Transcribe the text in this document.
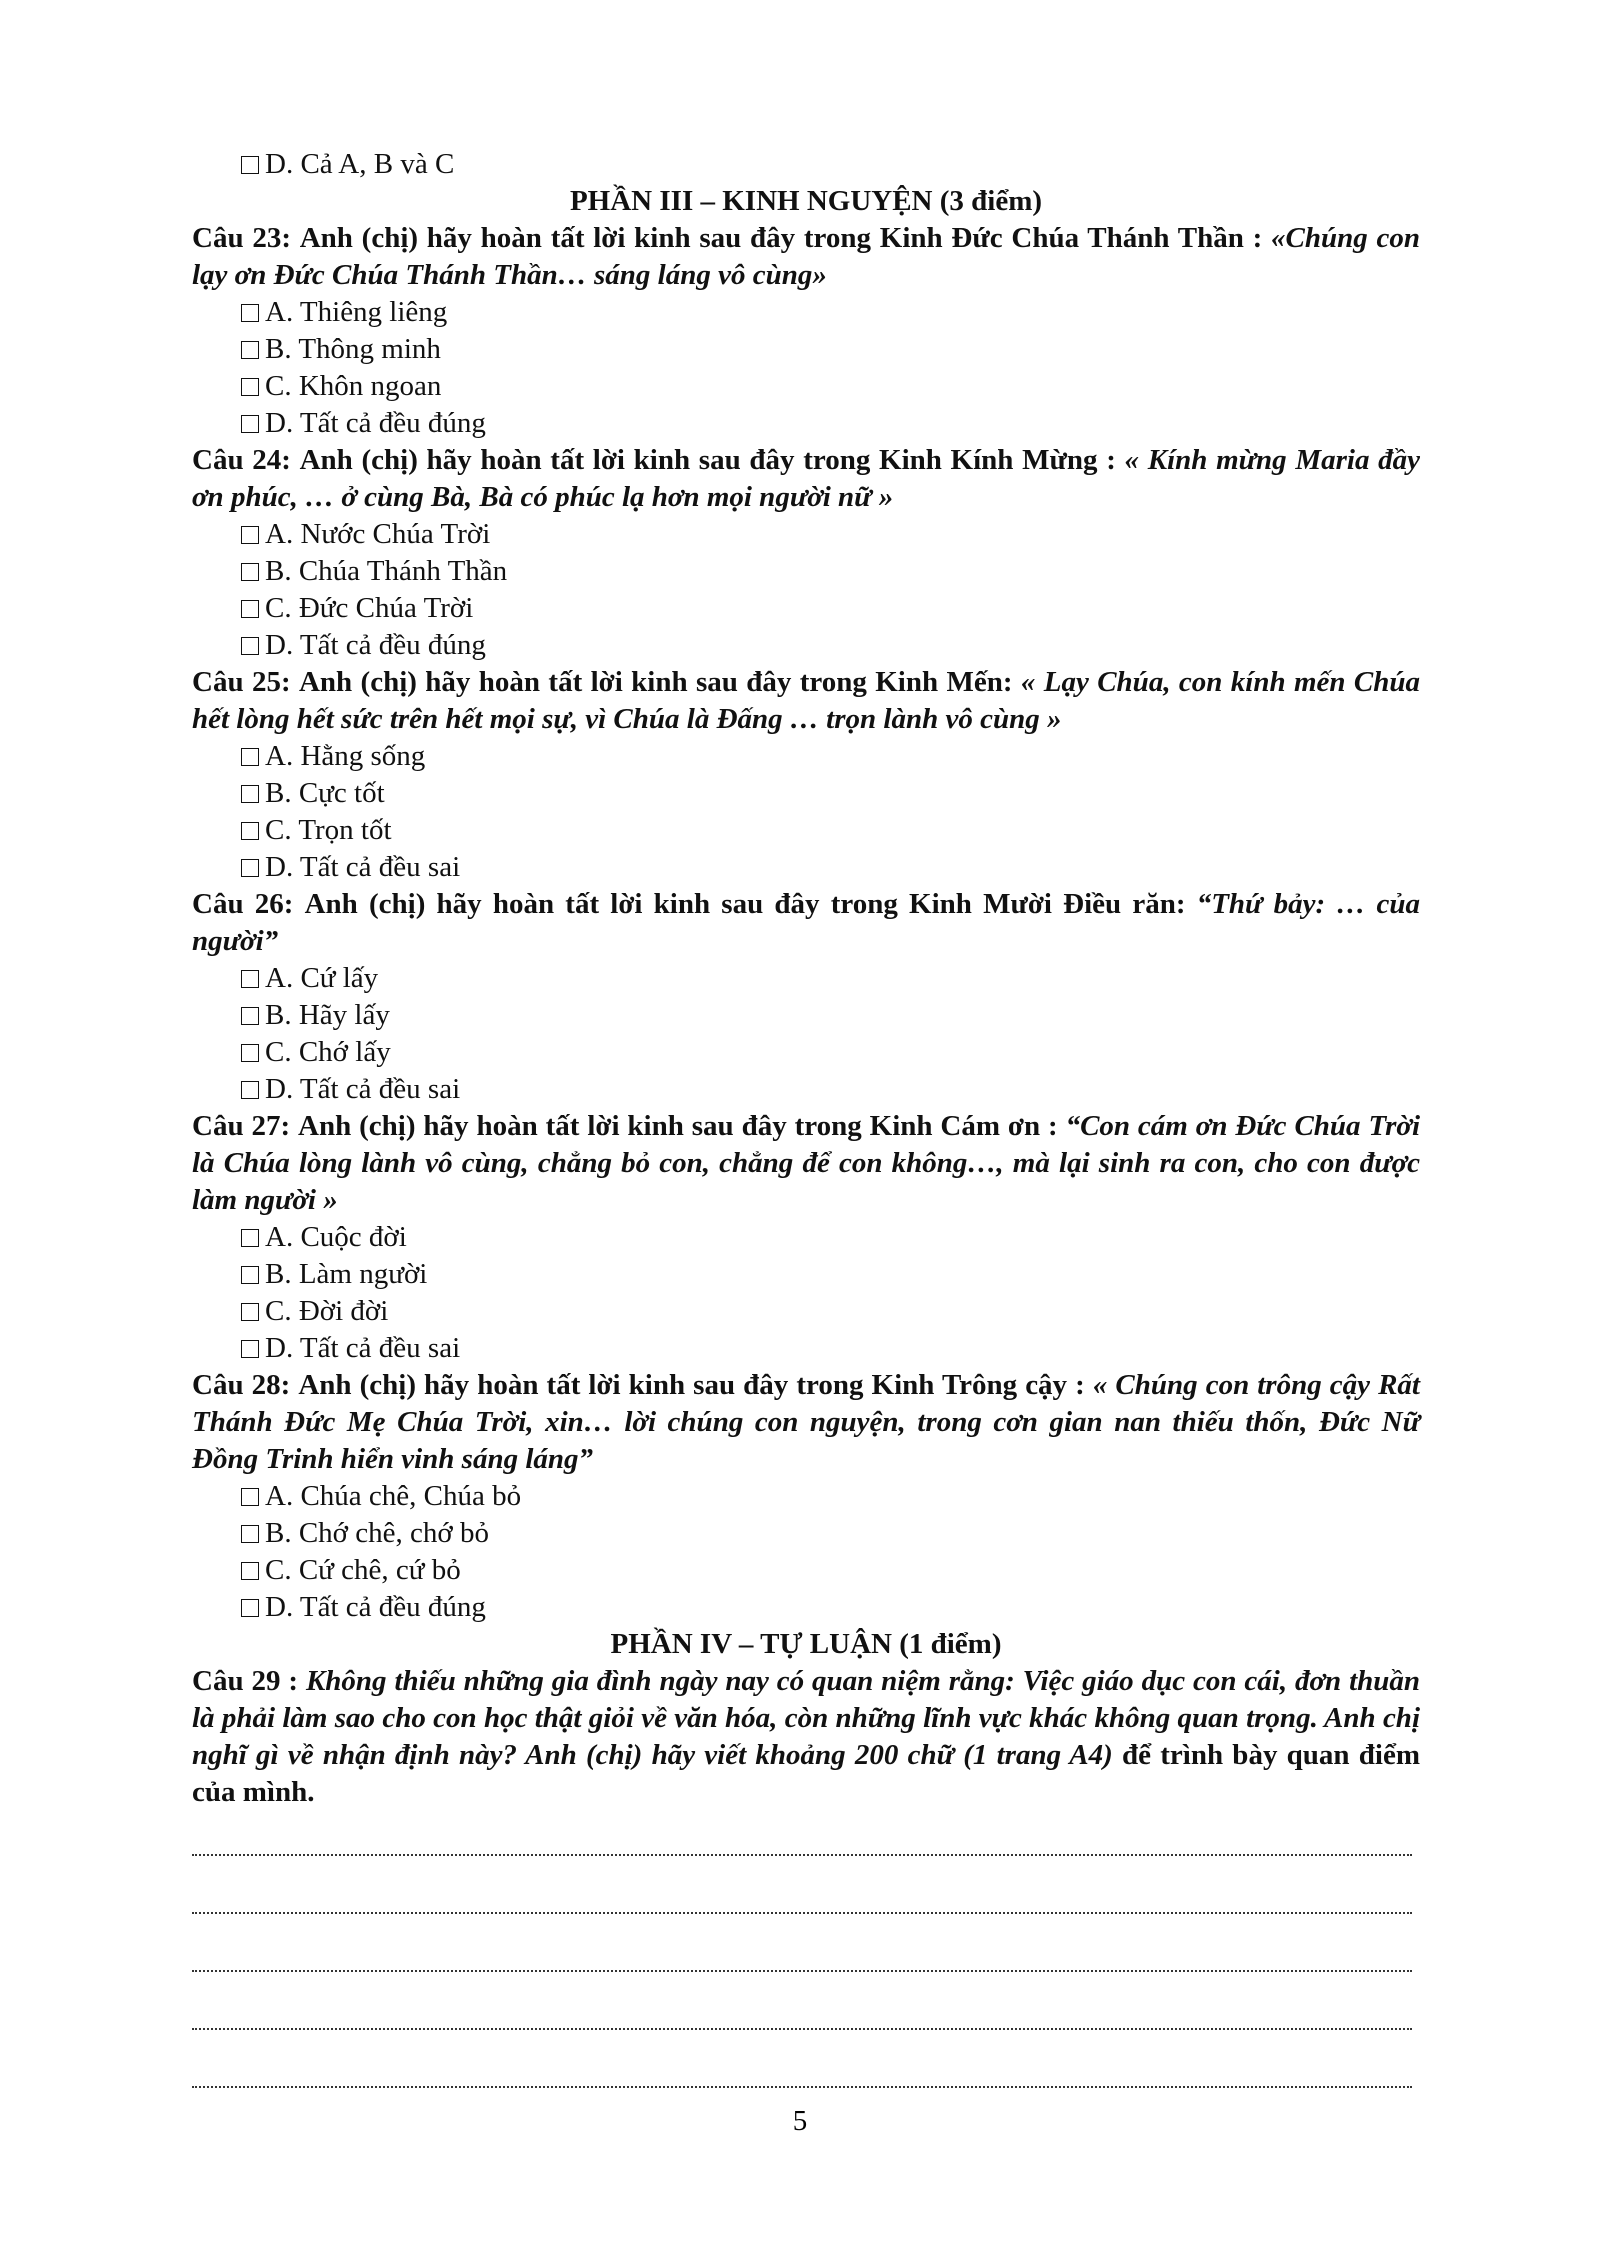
D. Cả A, B và C
PHẦN III – KINH NGUYỆN (3 điểm)
Câu 23: Anh (chị) hãy hoàn tất lời kinh sau đây trong Kinh Đức Chúa Thánh Thần : «Chúng con lạy ơn Đức Chúa Thánh Thần… sáng láng vô cùng»
A. Thiêng liêng
B. Thông minh
C. Khôn ngoan
D. Tất cả đều đúng
Câu 24: Anh (chị) hãy hoàn tất lời kinh sau đây trong Kinh Kính Mừng : « Kính mừng Maria đầy ơn phúc, … ở cùng Bà, Bà có phúc lạ hơn mọi người nữ »
A. Nước Chúa Trời
B. Chúa Thánh Thần
C. Đức Chúa Trời
D. Tất cả đều đúng
Câu 25: Anh (chị) hãy hoàn tất lời kinh sau đây trong Kinh Mến: « Lạy Chúa, con kính mến Chúa hết lòng hết sức trên hết mọi sự, vì Chúa là Đấng … trọn lành vô cùng »
A. Hằng sống
B. Cực tốt
C. Trọn tốt
D. Tất cả đều sai
Câu 26: Anh (chị) hãy hoàn tất lời kinh sau đây trong Kinh Mười Điều răn: “Thứ bảy: … của người”
A. Cứ lấy
B. Hãy lấy
C. Chớ lấy
D. Tất cả đều sai
Câu 27: Anh (chị) hãy hoàn tất lời kinh sau đây trong Kinh Cám ơn : “Con cám ơn Đức Chúa Trời là Chúa lòng lành vô cùng, chẳng bỏ con, chẳng để con không…, mà lại sinh ra con, cho con được làm người »
A. Cuộc đời
B. Làm người
C. Đời đời
D. Tất cả đều sai
Câu 28: Anh (chị) hãy hoàn tất lời kinh sau đây trong Kinh Trông cậy : « Chúng con trông cậy Rất Thánh Đức Mẹ Chúa Trời, xin… lời chúng con nguyện, trong cơn gian nan thiếu thốn, Đức Nữ Đồng Trinh hiển vinh sáng láng”
A. Chúa chê, Chúa bỏ
B. Chớ chê, chớ bỏ
C. Cứ chê, cứ bỏ
D. Tất cả đều đúng
PHẦN IV – TỰ LUẬN (1 điểm)
Câu 29 : Không thiếu những gia đình ngày nay có quan niệm rằng: Việc giáo dục con cái, đơn thuần là phải làm sao cho con học thật giỏi về văn hóa, còn những lĩnh vực khác không quan trọng. Anh chị nghĩ gì về nhận định này? Anh (chị) hãy viết khoảng 200 chữ (1 trang A4) để trình bày quan điểm của mình.
5
